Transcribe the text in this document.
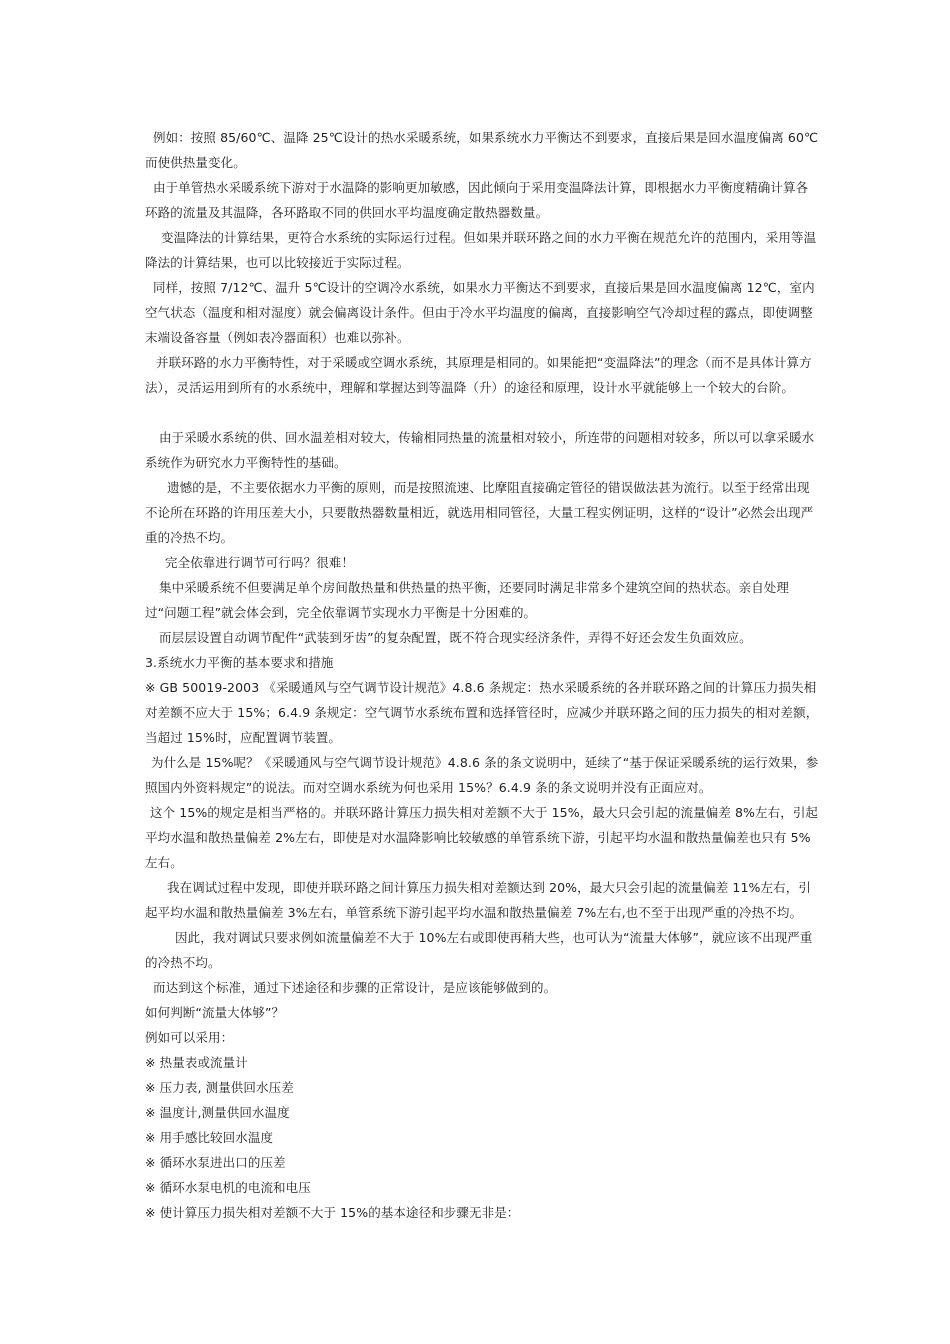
例如：按照 85/60℃、温降 25℃设计的热水采暖系统，如果系统水力平衡达不到要求，直接后果是回水温度偏离 60℃而使供热量变化。

由于单管热水采暖系统下游对于水温降的影响更加敏感，因此倾向于采用变温降法计算，即根据水力平衡度精确计算各环路的流量及其温降，各环路取不同的供回水平均温度确定散热器数量。

变温降法的计算结果，更符合水系统的实际运行过程。但如果并联环路之间的水力平衡在规范允许的范围内，采用等温降法的计算结果，也可以比较接近于实际过程。

同样，按照 7/12℃、温升 5℃设计的空调冷水系统，如果水力平衡达不到要求，直接后果是回水温度偏离 12℃，室内空气状态（温度和相对湿度）就会偏离设计条件。但由于冷水平均温度的偏离，直接影响空气冷却过程的露点，即使调整末端设备容量（例如表冷器面积）也难以弥补。

并联环路的水力平衡特性，对于采暖或空调水系统，其原理是相同的。如果能把“变温降法”的理念（而不是具体计算方法），灵活运用到所有的水系统中，理解和掌握达到等温降（升）的途径和原理，设计水平就能够上一个较大的台阶。

由于采暖水系统的供、回水温差相对较大，传输相同热量的流量相对较小，所连带的问题相对较多，所以可以拿采暖水系统作为研究水力平衡特性的基础。

遗憾的是，不主要依据水力平衡的原则，而是按照流速、比摩阻直接确定管径的错误做法甚为流行。以至于经常出现不论所在环路的许用压差大小，只要散热器数量相近，就选用相同管径，大量工程实例证明，这样的“设计”必然会出现严重的冷热不均。

完全依靠进行调节可行吗？很难！

集中采暖系统不但要满足单个房间散热量和供热量的热平衡，还要同时满足非常多个建筑空间的热状态。亲自处理过“问题工程”就会体会到，完全依靠调节实现水力平衡是十分困难的。

而层层设置自动调节配件“武装到牙齿”的复杂配置，既不符合现实经济条件，弄得不好还会发生负面效应。

3.系统水力平衡的基本要求和措施

※ GB 50019-2003 《采暖通风与空气调节设计规范》4.8.6 条规定：热水采暖系统的各并联环路之间的计算压力损失相对差额不应大于 15%；6.4.9 条规定：空气调节水系统布置和选择管径时，应减少并联环路之间的压力损失的相对差额，当超过 15%时，应配置调节装置。

为什么是 15%呢？《采暖通风与空气调节设计规范》4.8.6 条的条文说明中，延续了“基于保证采暖系统的运行效果，参照国内外资料规定”的说法。而对空调水系统为何也采用 15%？6.4.9 条的条文说明并没有正面应对。

这个 15%的规定是相当严格的。并联环路计算压力损失相对差额不大于 15%，最大只会引起的流量偏差 8%左右，引起平均水温和散热量偏差 2%左右，即使是对水温降影响比较敏感的单管系统下游，引起平均水温和散热量偏差也只有 5%左右。

我在调试过程中发现，即使并联环路之间计算压力损失相对差额达到 20%，最大只会引起的流量偏差 11%左右，引起平均水温和散热量偏差 3%左右，单管系统下游引起平均水温和散热量偏差 7%左右,也不至于出现严重的冷热不均。

因此，我对调试只要求例如流量偏差不大于 10%左右或即使再稍大些，也可认为“流量大体够”，就应该不出现严重的冷热不均。

而达到这个标准，通过下述途径和步骤的正常设计，是应该能够做到的。

如何判断“流量大体够”？

例如可以采用：

※ 热量表或流量计

※ 压力表, 测量供回水压差

※ 温度计,测量供回水温度

※ 用手感比较回水温度

※ 循环水泵进出口的压差

※ 循环水泵电机的电流和电压

※ 使计算压力损失相对差额不大于 15%的基本途径和步骤无非是：
